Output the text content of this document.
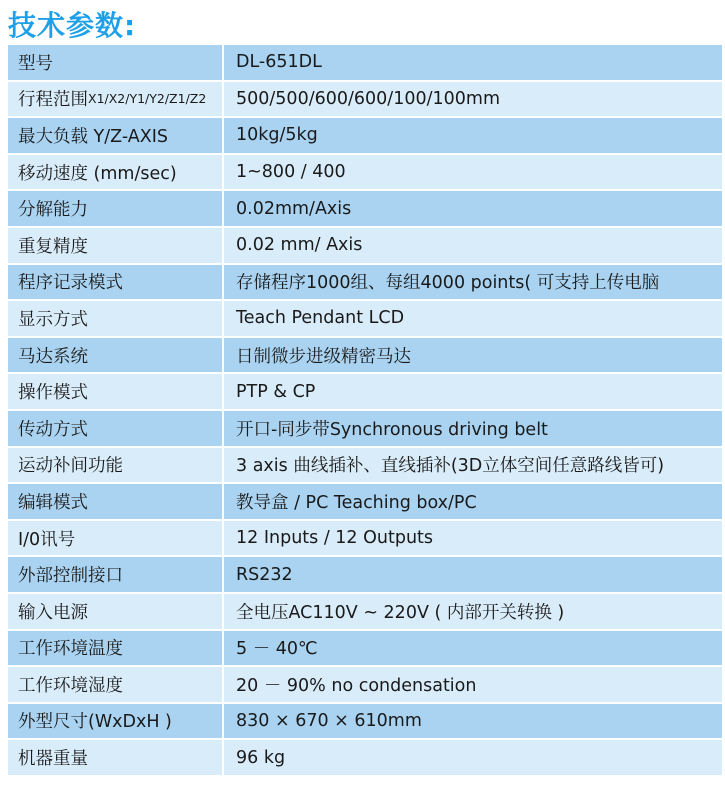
技术参数:
型号	DL-651DL
行程范围 X1/X2/Y1/Y2/Z1/Z2	500/500/600/600/100/100mm
最大负载 Y/Z-AXIS	10kg/5kg
移动速度 (mm/sec)	1~800 / 400
分解能力	0.02mm/Axis
重复精度	0.02 mm/ Axis
程序记录模式	存储程序1000组、每组4000 points( 可支持上传电脑
显示方式	Teach Pendant LCD
马达系统	日制微步进级精密马达
操作模式	PTP & CP
传动方式	开口-同步带Synchronous driving belt
运动补间功能	3 axis 曲线插补、直线插补(3D立体空间任意路线皆可)
编辑模式	教导盒 / PC Teaching box/PC
I/0讯号	12 Inputs / 12 Outputs
外部控制接口	RS232
输入电源	全电压AC110V ~ 220V ( 内部开关转换 )
工作环境温度	5 － 40℃
工作环境湿度	20 － 90% no condensation
外型尺寸(WxDxH )	830 × 670 × 610mm
机器重量	96 kg
